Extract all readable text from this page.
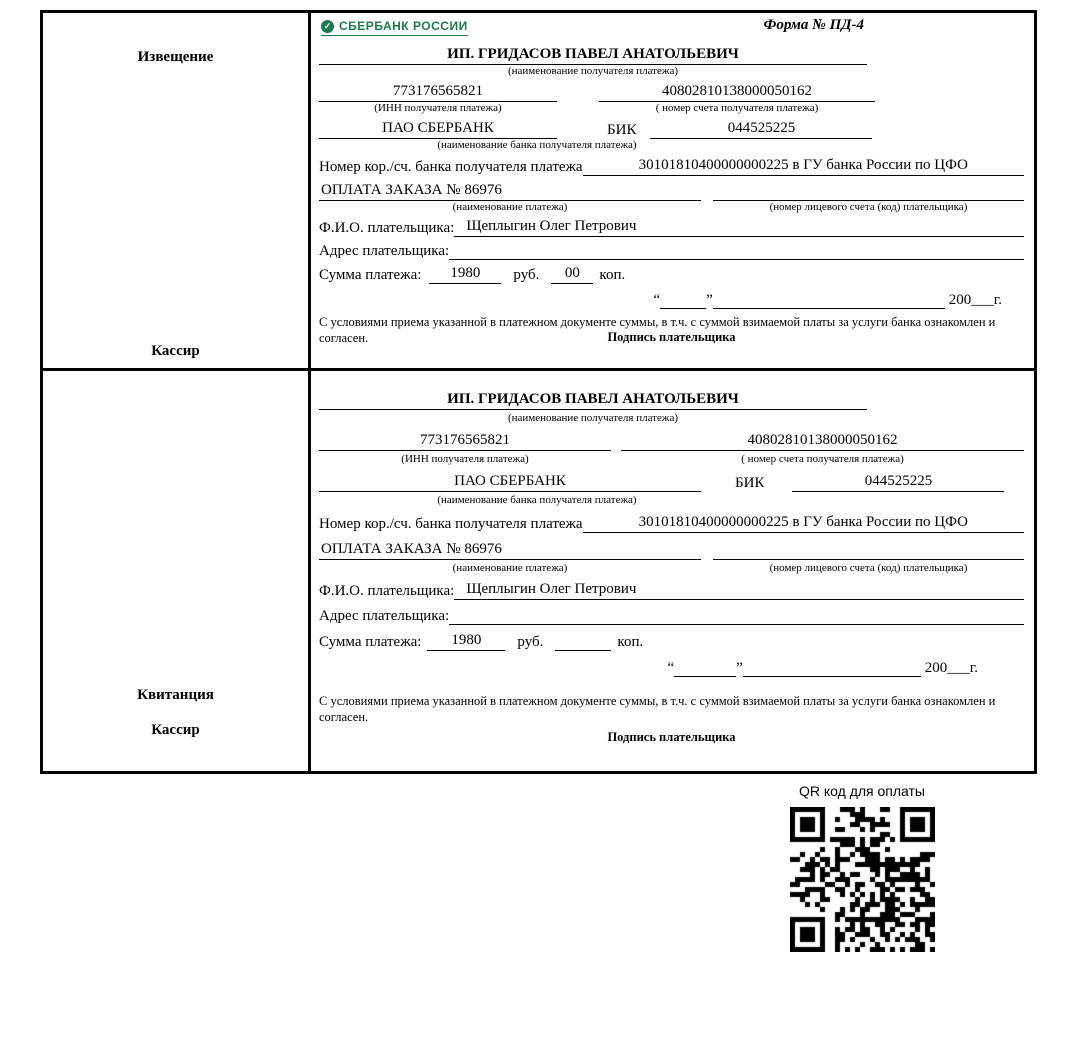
Извещение
Кассир
✓ СБЕРБАНК РОССИИ	Форма № ПД-4
ИП. ГРИДАСОВ ПАВЕЛ АНАТОЛЬЕВИЧ
(наименование получателя платежа)
773176565821	40802810138000050162
(ИНН получателя платежа)	( номер счета получателя платежа)
ПАО СБЕРБАНК	БИК	044525225
(наименование банка получателя платежа)
Номер кор./сч. банка получателя платежа	30101810400000000225 в ГУ банка России по ЦФО
ОПЛАТА ЗАКАЗА № 86976
(наименование платежа)	(номер лицевого счета (код) плательщика)
Ф.И.О. плательщика: Щеплыгин Олег Петрович
Адрес плательщика:
Сумма платежа:	1980	руб.	00	коп.
“	”	200___г.
С условиями приема указанной в платежном документе суммы, в т.ч. с суммой взимаемой платы за услуги банка ознакомлен и согласен.	Подпись плательщика
Квитанция
Кассир
ИП. ГРИДАСОВ ПАВЕЛ АНАТОЛЬЕВИЧ
(наименование получателя платежа)
773176565821	40802810138000050162
(ИНН получателя платежа)	( номер счета получателя платежа)
ПАО СБЕРБАНК	БИК	044525225
(наименование банка получателя платежа)
Номер кор./сч. банка получателя платежа	30101810400000000225 в ГУ банка России по ЦФО
ОПЛАТА ЗАКАЗА № 86976
(наименование платежа)	(номер лицевого счета (код) плательщика)
Ф.И.О. плательщика: Щеплыгин Олег Петрович
Адрес плательщика:
Сумма платежа:	1980	руб.	коп.
“	”	200___г.
С условиями приема указанной в платежном документе суммы, в т.ч. с суммой взимаемой платы за услуги банка ознакомлен и согласен.
Подпись плательщика
QR код для оплаты
